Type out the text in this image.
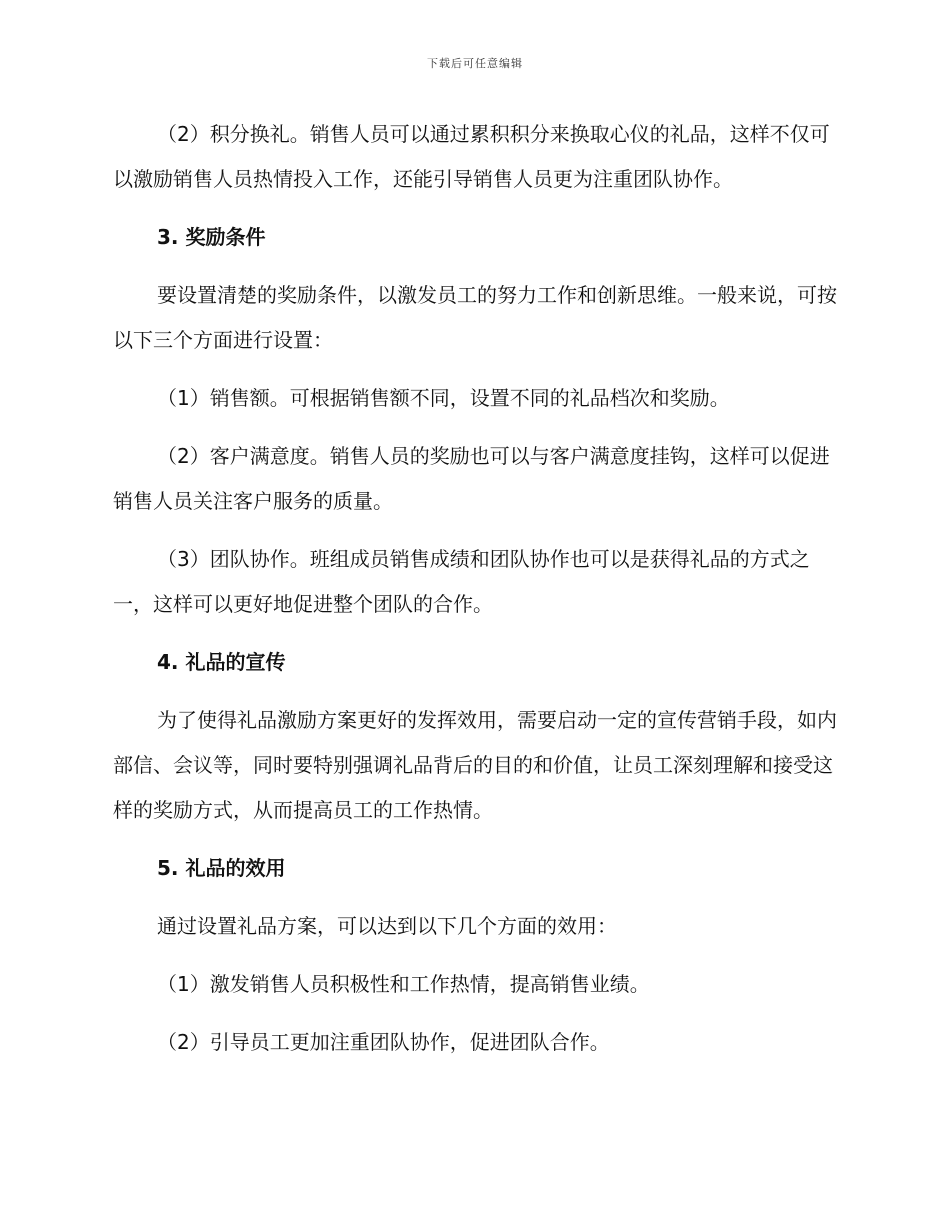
下载后可任意编辑

（2）积分换礼。销售人员可以通过累积积分来换取心仪的礼品，这样不仅可以激励销售人员热情投入工作，还能引导销售人员更为注重团队协作。

3. 奖励条件

要设置清楚的奖励条件，以激发员工的努力工作和创新思维。一般来说，可按以下三个方面进行设置：

（1）销售额。可根据销售额不同，设置不同的礼品档次和奖励。

（2）客户满意度。销售人员的奖励也可以与客户满意度挂钩，这样可以促进销售人员关注客户服务的质量。

（3）团队协作。班组成员销售成绩和团队协作也可以是获得礼品的方式之一，这样可以更好地促进整个团队的合作。

4. 礼品的宣传

为了使得礼品激励方案更好的发挥效用，需要启动一定的宣传营销手段，如内部信、会议等，同时要特别强调礼品背后的目的和价值，让员工深刻理解和接受这样的奖励方式，从而提高员工的工作热情。

5. 礼品的效用

通过设置礼品方案，可以达到以下几个方面的效用：

（1）激发销售人员积极性和工作热情，提高销售业绩。

（2）引导员工更加注重团队协作，促进团队合作。
